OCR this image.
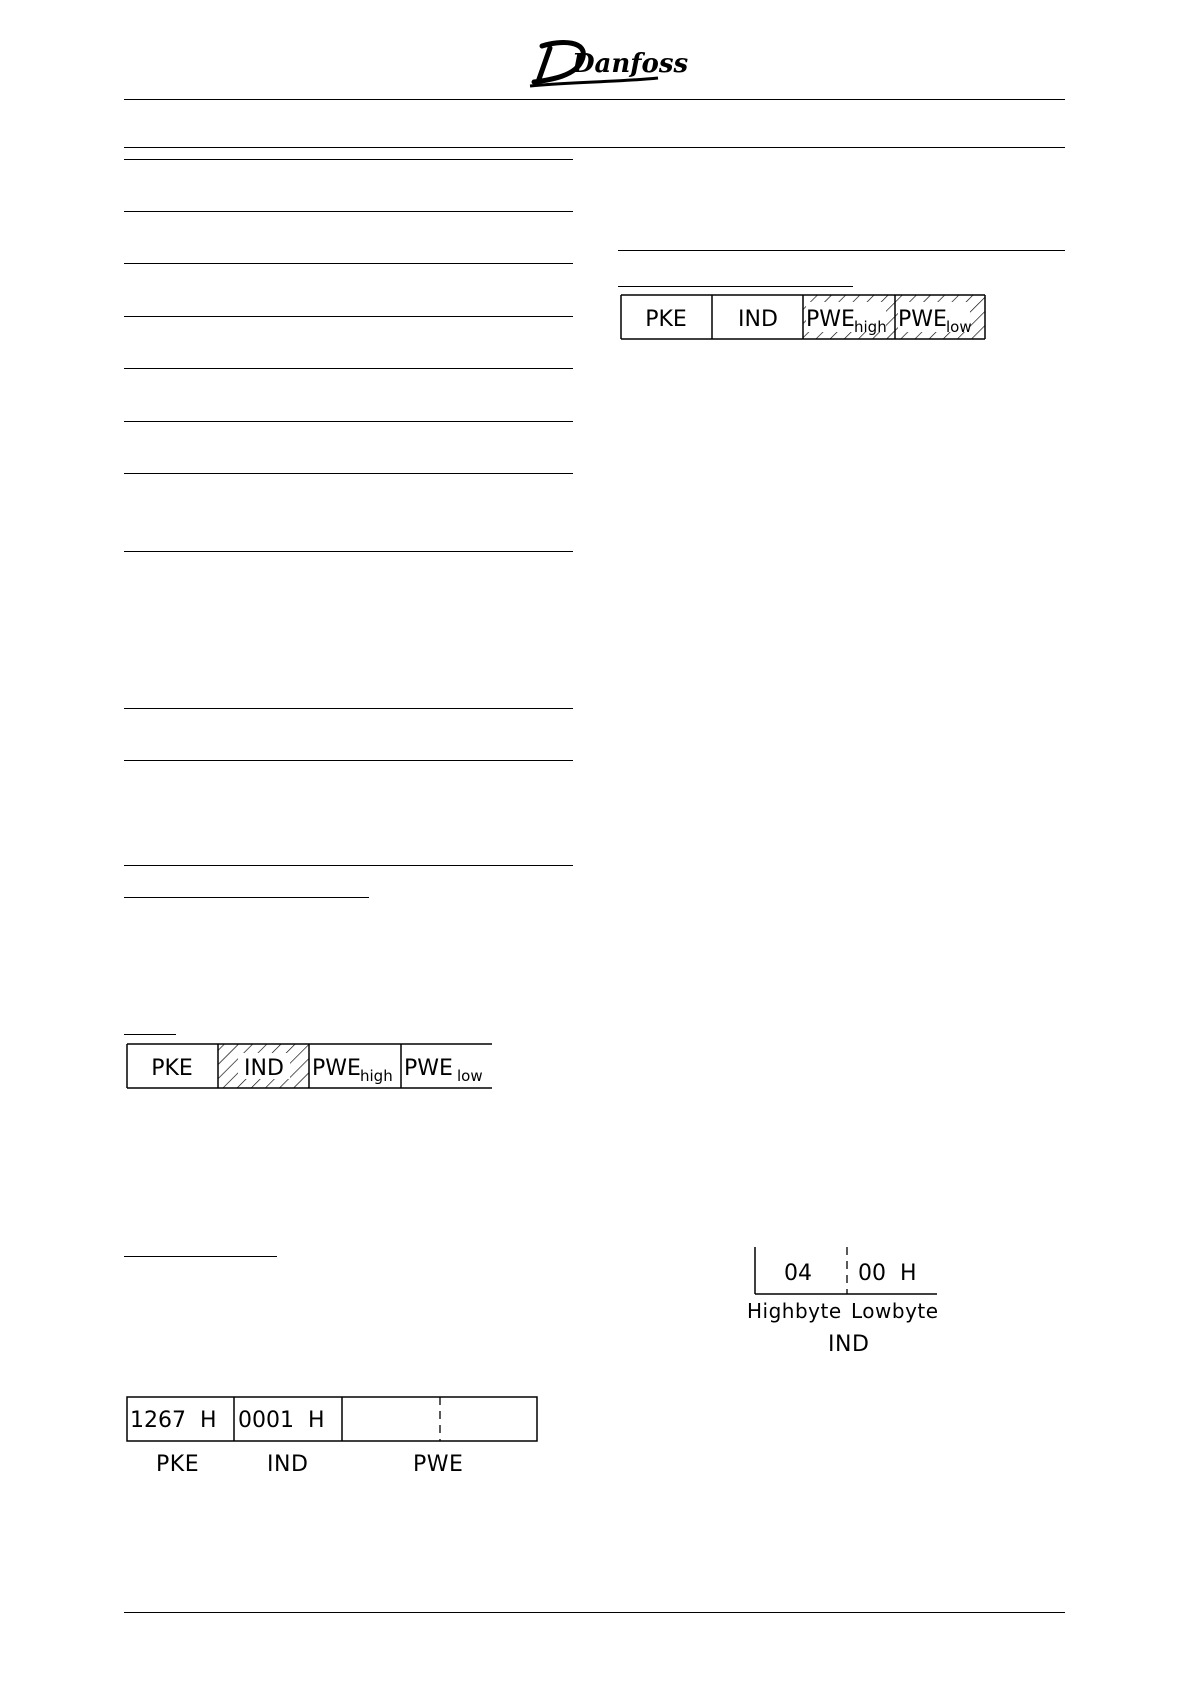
Danfoss
PKE IND PWE high PWE low
PKE IND PWE high PWE low
1267  H 0001  H
PKE	IND	PWE
04 00  H
Highbyte Lowbyte
IND
